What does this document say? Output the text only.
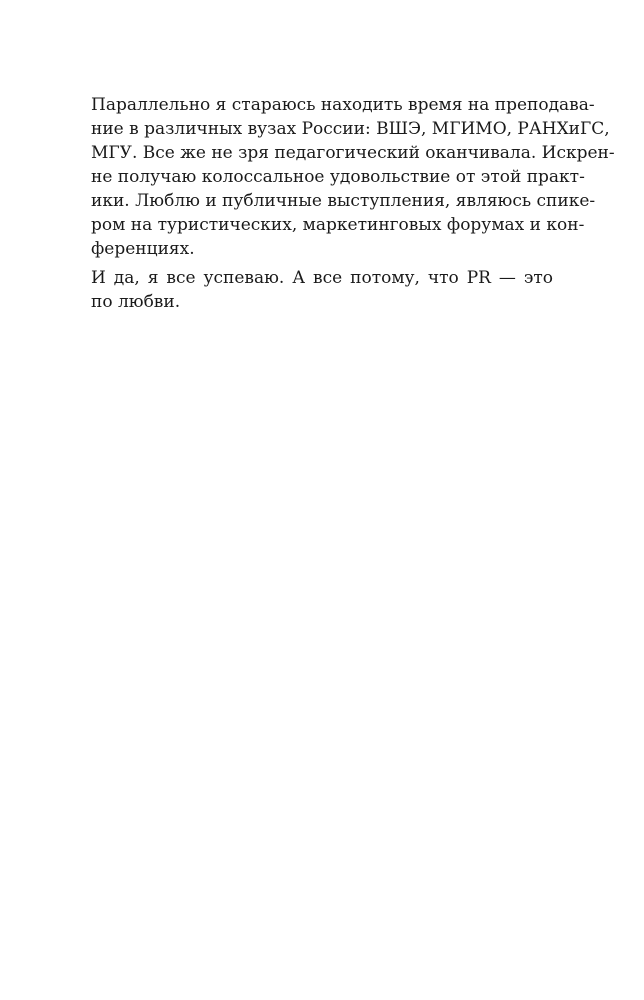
Параллельно я стараюсь находить время на преподава-
ние в различных вузах России: ВШЭ, МГИМО, РАНХиГС,
МГУ. Все же не зря педагогический оканчивала. Искрен-
не получаю колоссальное удовольствие от этой практ-
ики. Люблю и публичные выступления, являюсь спике-
ром на туристических, маркетинговых форумах и кон-
ференциях.
И да, я все успеваю. А все потому, что PR — это
по любви.
